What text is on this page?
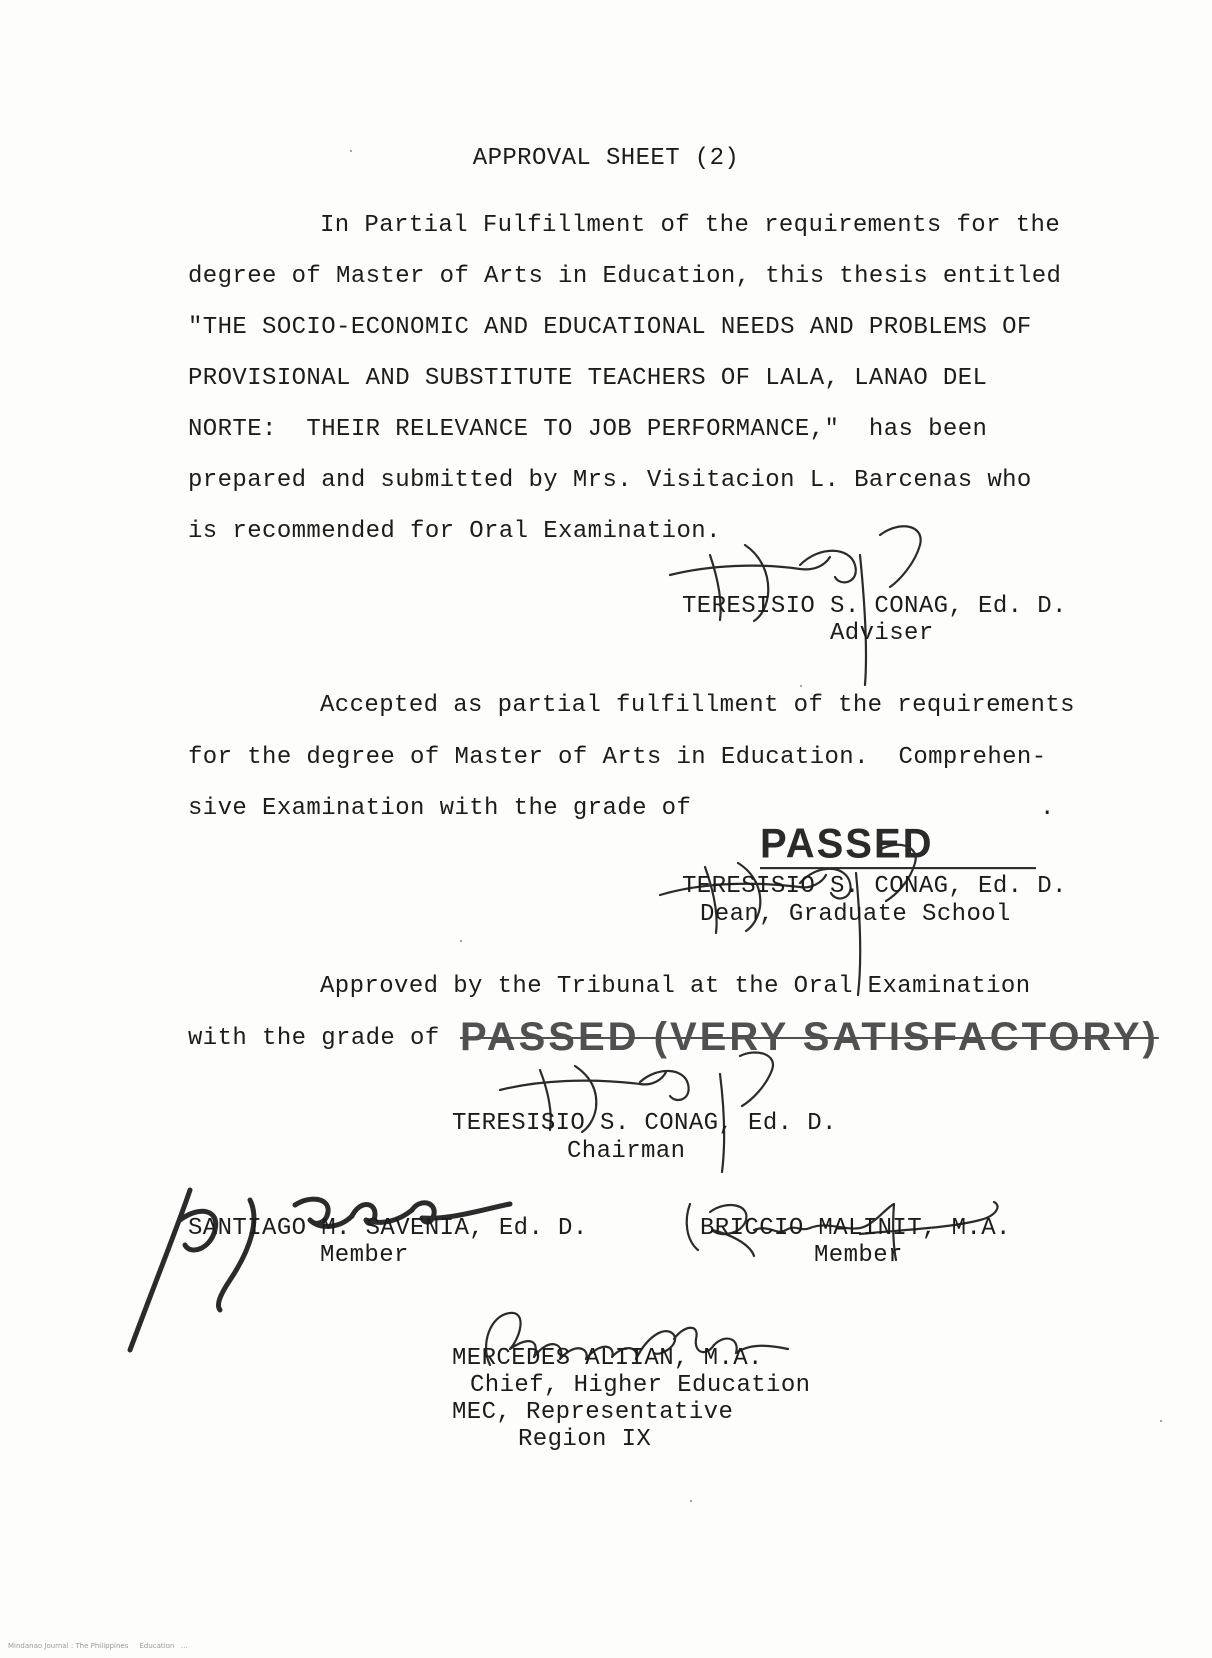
APPROVAL SHEET (2)
In Partial Fulfillment of the requirements for the
degree of Master of Arts in Education, this thesis entitled
"THE SOCIO-ECONOMIC AND EDUCATIONAL NEEDS AND PROBLEMS OF
PROVISIONAL AND SUBSTITUTE TEACHERS OF LALA, LANAO DEL
NORTE:  THEIR RELEVANCE TO JOB PERFORMANCE,"  has been
prepared and submitted by Mrs. Visitacion L. Barcenas who
is recommended for Oral Examination.
TERESISIO S. CONAG, Ed. D.
Adviser
Accepted as partial fulfillment of the requirements
for the degree of Master of Arts in Education.  Comprehen-
sive Examination with the grade of
PASSED
.
TERESISIO S. CONAG, Ed. D.
Dean, Graduate School
Approved by the Tribunal at the Oral Examination
with the grade of PASSED (VERY SATISFACTORY)
TERESISIO S. CONAG, Ed. D.
Chairman
SANTIAGO M. SAVENIA, Ed. D.
Member
BRICCIO MALINIT, M.A.
Member
MERCEDES ALIIAN, M.A.
Chief, Higher Education
MEC, Representative
Region IX
Mindanao Journal : The Philippines     Education   ...
